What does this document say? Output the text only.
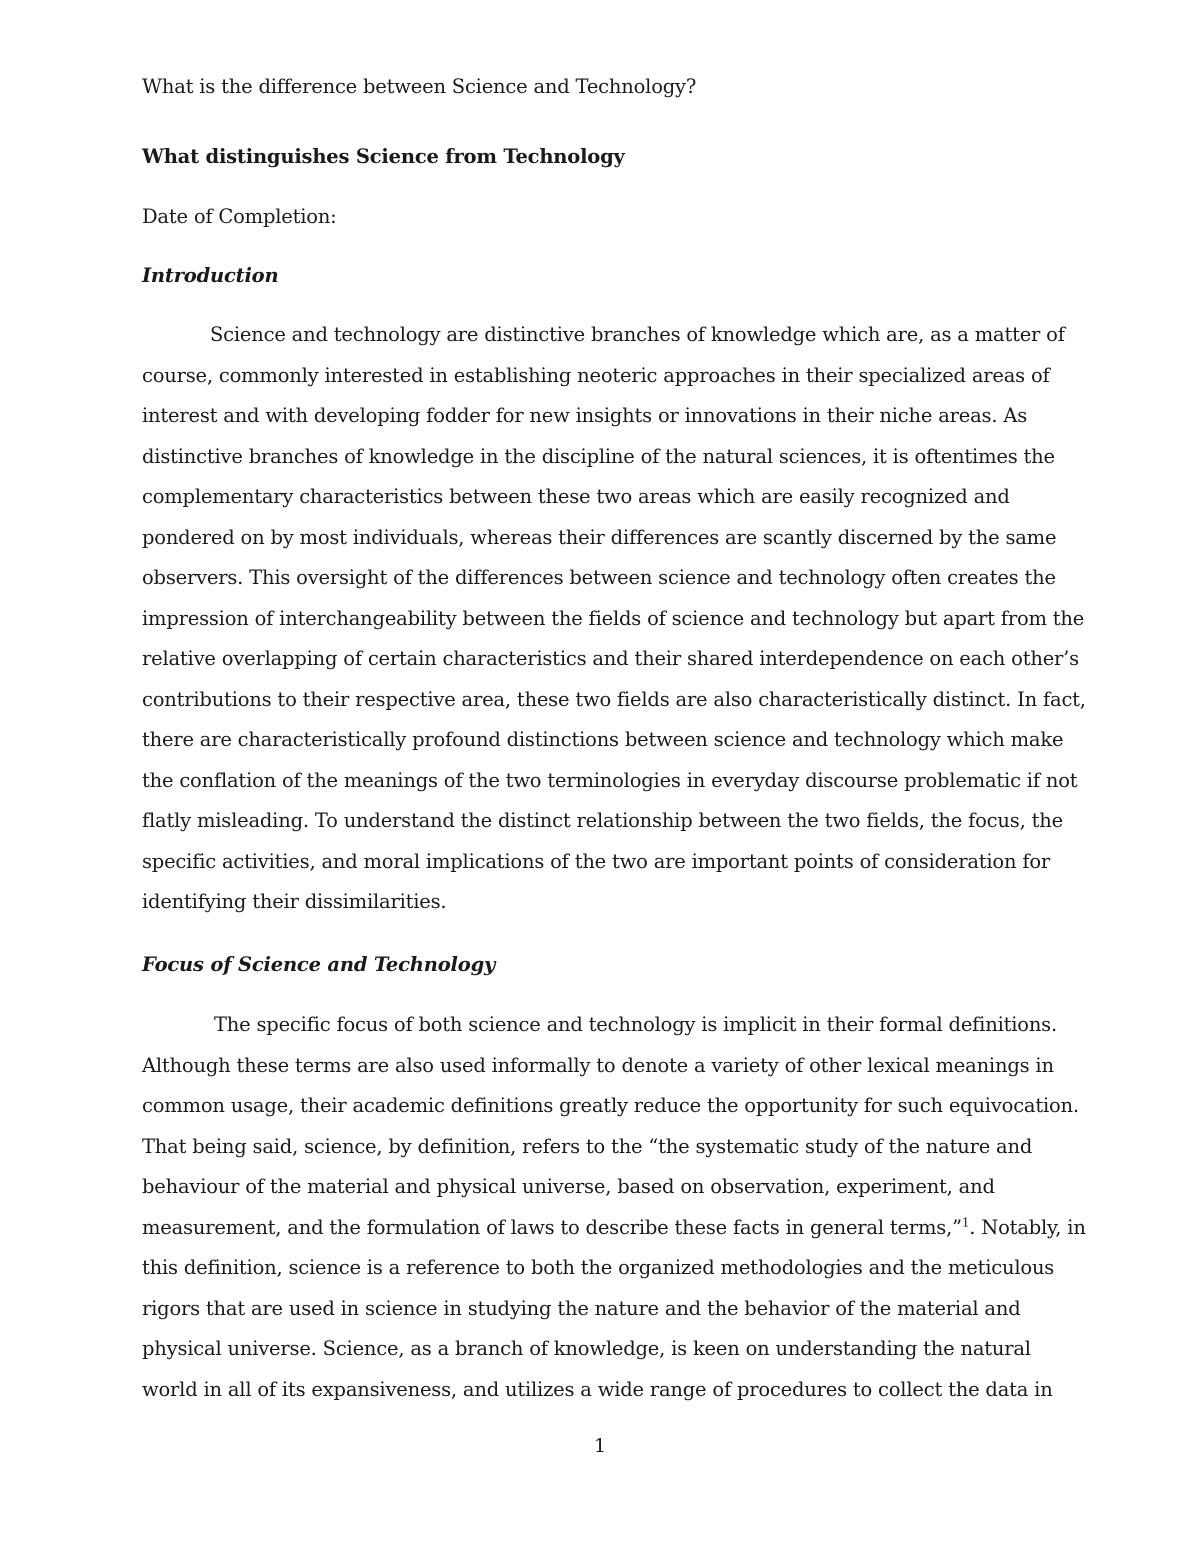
What is the difference between Science and Technology?
What distinguishes Science from Technology
Date of Completion:
Introduction
Science and technology are distinctive branches of knowledge which are, as a matter of
course, commonly interested in establishing neoteric approaches in their specialized areas of
interest and with developing fodder for new insights or innovations in their niche areas. As
distinctive branches of knowledge in the discipline of the natural sciences, it is oftentimes the
complementary characteristics between these two areas which are easily recognized and
pondered on by most individuals, whereas their differences are scantly discerned by the same
observers. This oversight of the differences between science and technology often creates the
impression of interchangeability between the fields of science and technology but apart from the
relative overlapping of certain characteristics and their shared interdependence on each other’s
contributions to their respective area, these two fields are also characteristically distinct. In fact,
there are characteristically profound distinctions between science and technology which make
the conflation of the meanings of the two terminologies in everyday discourse problematic if not
flatly misleading. To understand the distinct relationship between the two fields, the focus, the
specific activities, and moral implications of the two are important points of consideration for
identifying their dissimilarities.
Focus of Science and Technology
The specific focus of both science and technology is implicit in their formal definitions.
Although these terms are also used informally to denote a variety of other lexical meanings in
common usage, their academic definitions greatly reduce the opportunity for such equivocation.
That being said, science, by definition, refers to the “the systematic study of the nature and
behaviour of the material and physical universe, based on observation, experiment, and
measurement, and the formulation of laws to describe these facts in general terms,”$^1$. Notably, in
this definition, science is a reference to both the organized methodologies and the meticulous
rigors that are used in science in studying the nature and the behavior of the material and
physical universe. Science, as a branch of knowledge, is keen on understanding the natural
world in all of its expansiveness, and utilizes a wide range of procedures to collect the data in
1
